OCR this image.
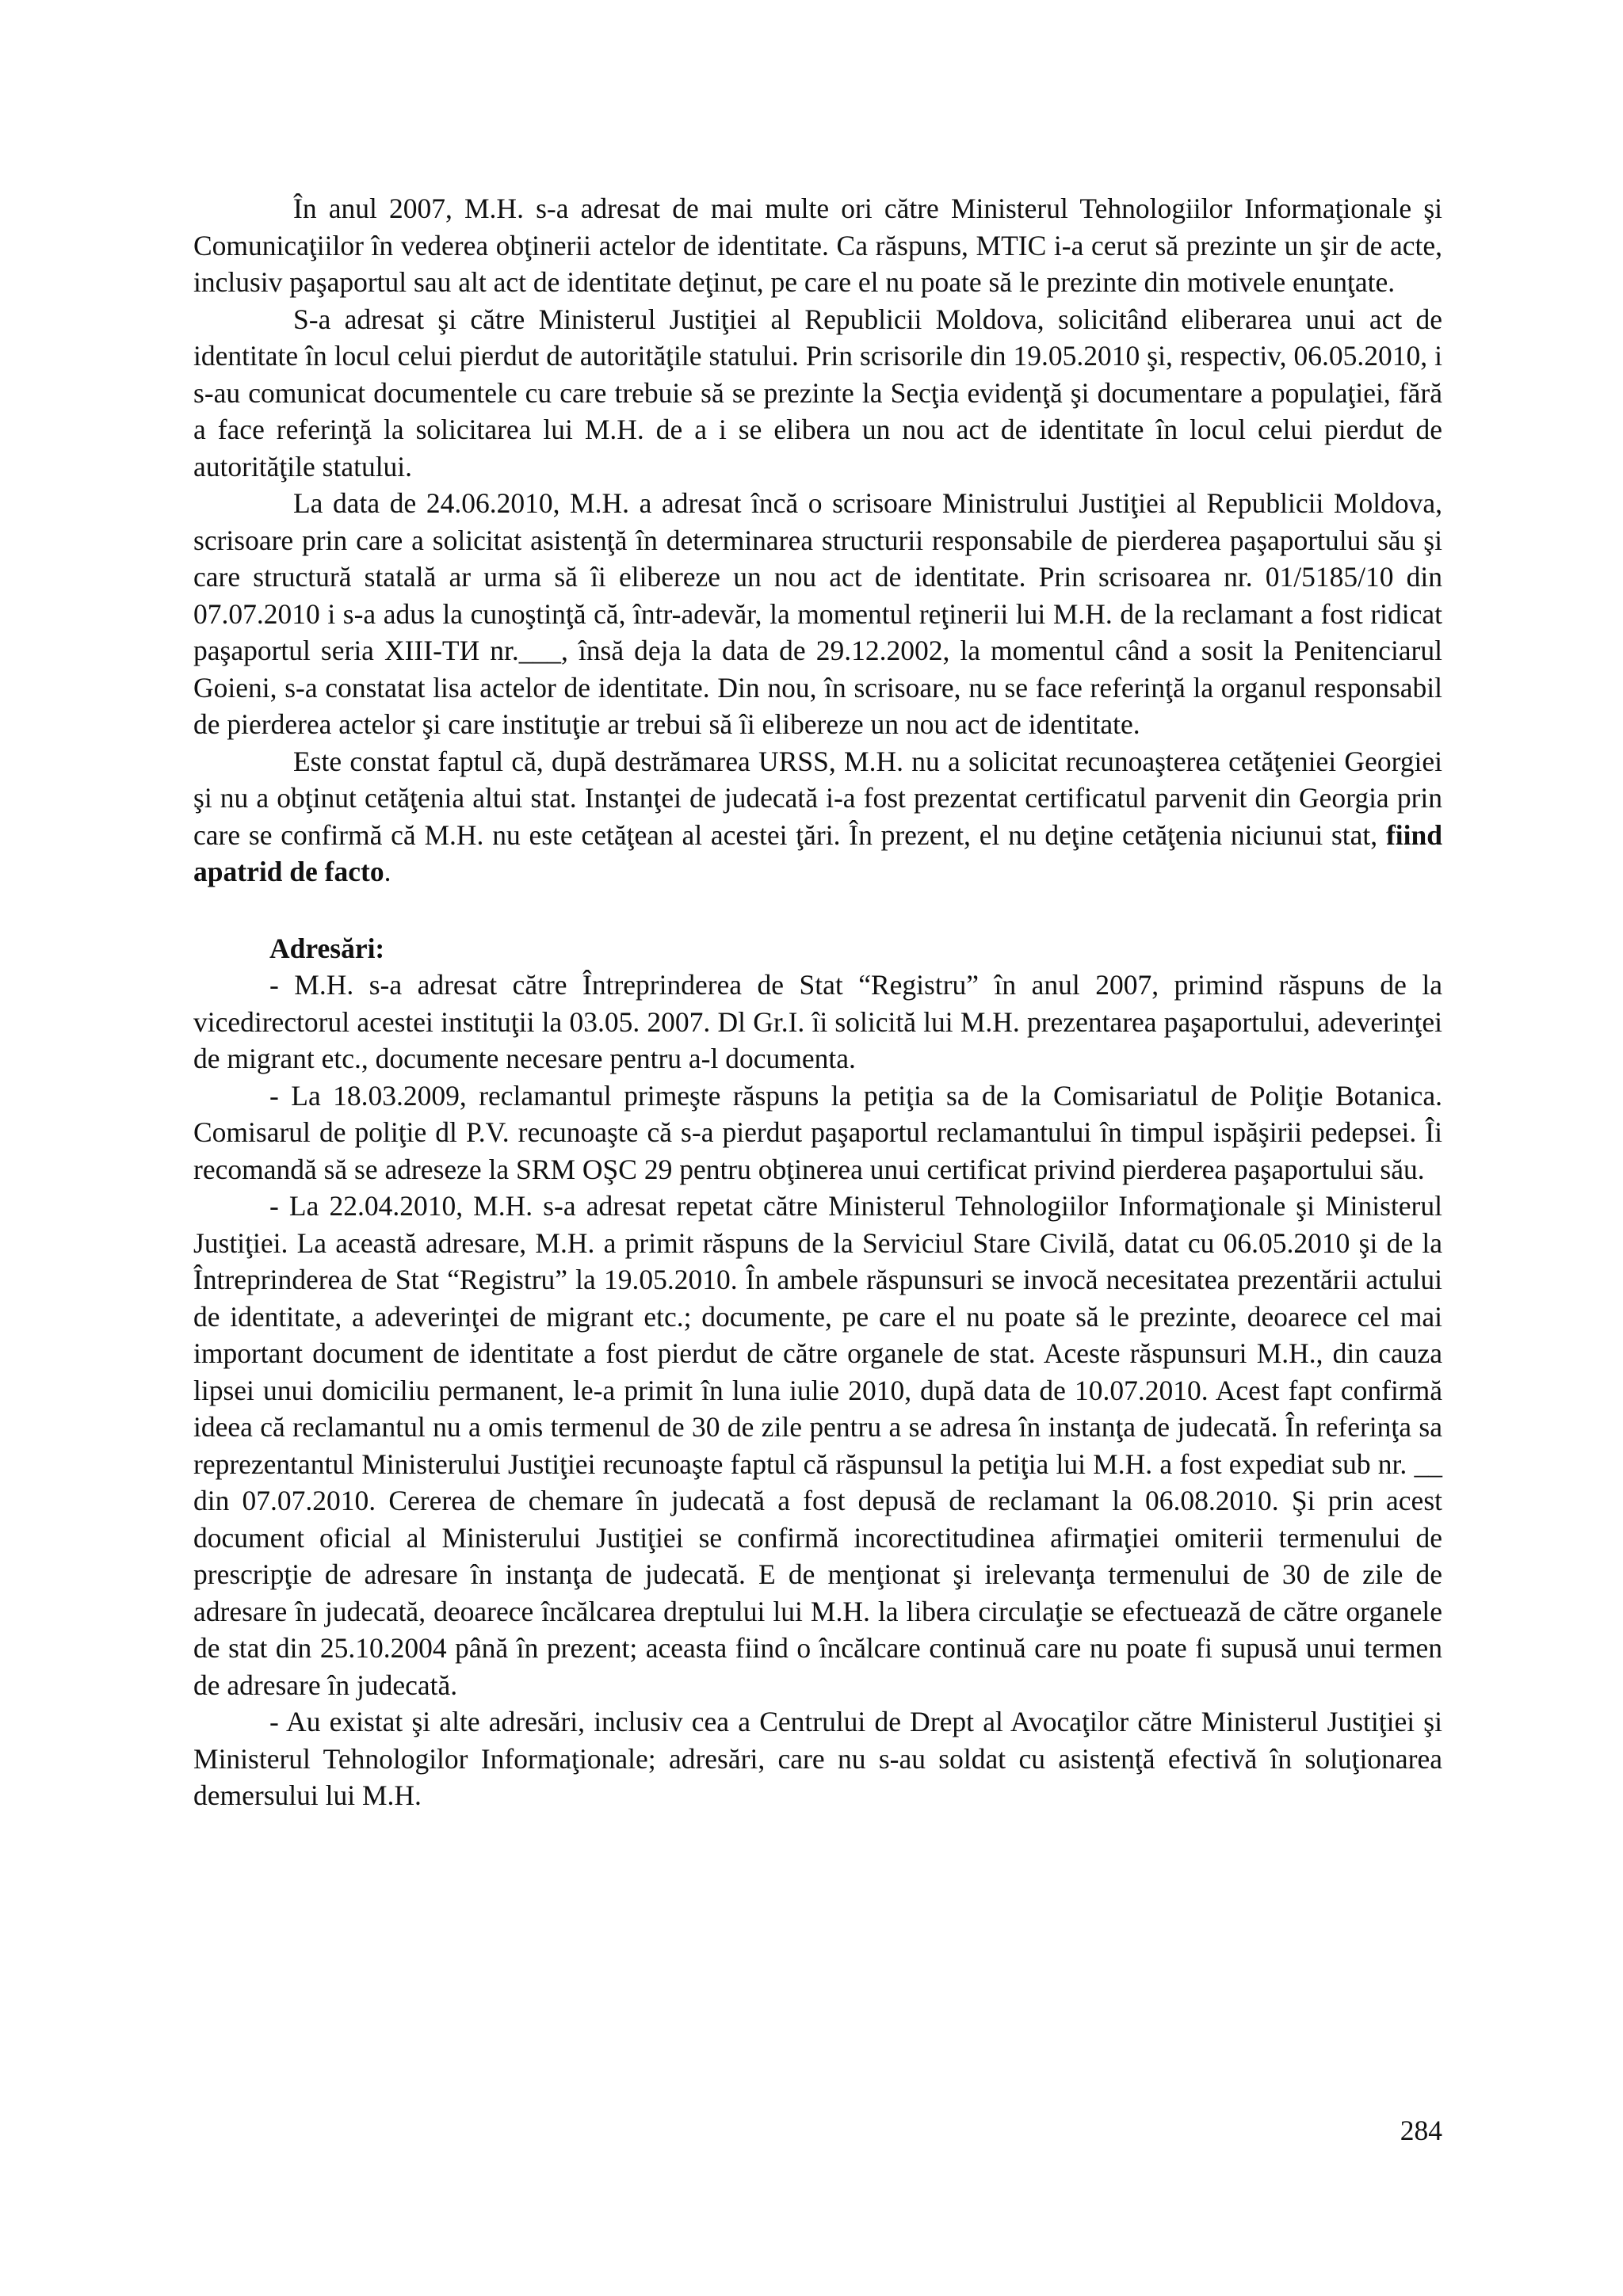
În anul 2007, M.H. s-a adresat de mai multe ori către Ministerul Tehnologiilor Informaţionale şi Comunicaţiilor în vederea obţinerii actelor de identitate. Ca răspuns, MTIC i-a cerut să prezinte un şir de acte, inclusiv paşaportul sau alt act de identitate deţinut, pe care el nu poate să le prezinte din motivele enunţate.

S-a adresat şi către Ministerul Justiţiei al Republicii Moldova, solicitând eliberarea unui act de identitate în locul celui pierdut de autorităţile statului. Prin scrisorile din 19.05.2010 şi, respectiv, 06.05.2010, i s-au comunicat documentele cu care trebuie să se prezinte la Secţia evidenţă şi documentare a populaţiei, fără a face referinţă la solicitarea lui M.H. de a i se elibera un nou act de identitate în locul celui pierdut de autorităţile statului.

La data de 24.06.2010, M.H. a adresat încă o scrisoare Ministrului Justiţiei al Republicii Moldova, scrisoare prin care a solicitat asistenţă în determinarea structurii responsabile de pierderea paşaportului său şi care structură statală ar urma să îi elibereze un nou act de identitate. Prin scrisoarea nr. 01/5185/10 din 07.07.2010 i s-a adus la cunoştinţă că, într-adevăr, la momentul reţinerii lui M.H. de la reclamant a fost ridicat paşaportul seria XIII-ТИ nr.___, însă deja la data de 29.12.2002, la momentul când a sosit la Penitenciarul Goieni, s-a constatat lisa actelor de identitate. Din nou, în scrisoare, nu se face referinţă la organul responsabil de pierderea actelor şi care instituţie ar trebui să îi elibereze un nou act de identitate.

Este constat faptul că, după destrămarea URSS, M.H. nu a solicitat recunoaşterea cetăţeniei Georgiei şi nu a obţinut cetăţenia altui stat. Instanţei de judecată i-a fost prezentat certificatul parvenit din Georgia prin care se confirmă că M.H. nu este cetăţean al acestei ţări. În prezent, el nu deţine cetăţenia niciunui stat, fiind apatrid de facto.

Adresări:

- M.H. s-a adresat către Întreprinderea de Stat “Registru” în anul 2007, primind răspuns de la vicedirectorul acestei instituţii la 03.05. 2007. Dl Gr.I. îi solicită lui M.H. prezentarea paşaportului, adeverinţei de migrant etc., documente necesare pentru a-l documenta.

- La 18.03.2009, reclamantul primeşte răspuns la petiţia sa de la Comisariatul de Poliţie Botanica. Comisarul de poliţie dl P.V. recunoaşte că s-a pierdut paşaportul reclamantului în timpul ispăşirii pedepsei. Îi recomandă să se adreseze la SRM OŞC 29 pentru obţinerea unui certificat privind pierderea paşaportului său.

- La 22.04.2010, M.H. s-a adresat repetat către Ministerul Tehnologiilor Informaţionale şi Ministerul Justiţiei. La această adresare, M.H. a primit răspuns de la Serviciul Stare Civilă, datat cu 06.05.2010 şi de la Întreprinderea de Stat “Registru” la 19.05.2010. În ambele răspunsuri se invocă necesitatea prezentării actului de identitate, a adeverinţei de migrant etc.; documente, pe care el nu poate să le prezinte, deoarece cel mai important document de identitate a fost pierdut de către organele de stat. Aceste răspunsuri M.H., din cauza lipsei unui domiciliu permanent, le-a primit în luna iulie 2010, după data de 10.07.2010. Acest fapt confirmă ideea că reclamantul nu a omis termenul de 30 de zile pentru a se adresa în instanţa de judecată. În referinţa sa reprezentantul Ministerului Justiţiei recunoaşte faptul că răspunsul la petiţia lui M.H. a fost expediat sub nr. __ din 07.07.2010. Cererea de chemare în judecată a fost depusă de reclamant la 06.08.2010. Şi prin acest document oficial al Ministerului Justiţiei se confirmă incorectitudinea afirmaţiei omiterii termenului de prescripţie de adresare în instanţa de judecată. E de menţionat şi irelevanţa termenului de 30 de zile de adresare în judecată, deoarece încălcarea dreptului lui M.H. la libera circulaţie se efectuează de către organele de stat din 25.10.2004 până în prezent; aceasta fiind o încălcare continuă care nu poate fi supusă unui termen de adresare în judecată.

- Au existat şi alte adresări, inclusiv cea a Centrului de Drept al Avocaţilor către Ministerul Justiţiei şi Ministerul Tehnologilor Informaţionale; adresări, care nu s-au soldat cu asistenţă efectivă în soluţionarea demersului lui M.H.

284
